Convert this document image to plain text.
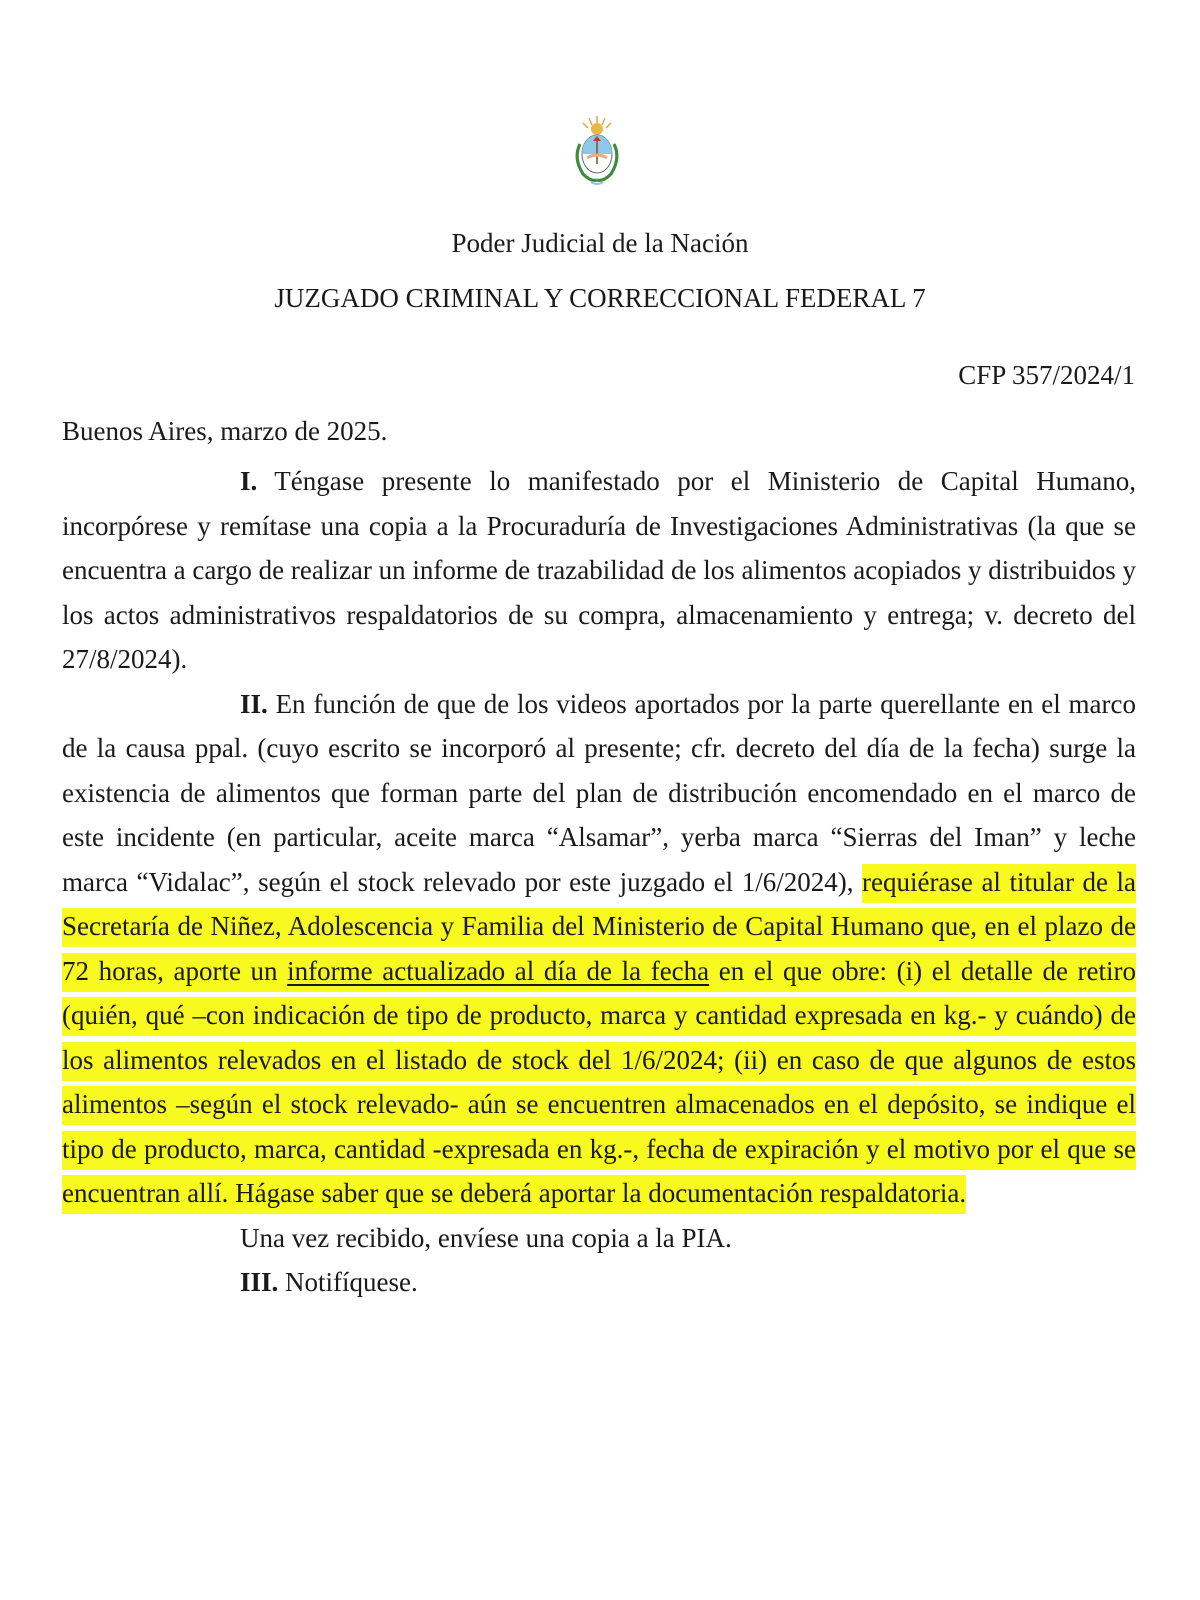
Poder Judicial de la Nación
JUZGADO CRIMINAL Y CORRECCIONAL FEDERAL 7
CFP 357/2024/1
Buenos Aires, marzo de 2025.

I. Téngase presente lo manifestado por el Ministerio de Capital Humano, incorpórese y remítase una copia a la Procuraduría de Investigaciones Administrativas (la que se encuentra a cargo de realizar un informe de trazabilidad de los alimentos acopiados y distribuidos y los actos administrativos respaldatorios de su compra, almacenamiento y entrega; v. decreto del 27/8/2024).

II. En función de que de los videos aportados por la parte querellante en el marco de la causa ppal. (cuyo escrito se incorporó al presente; cfr. decreto del día de la fecha) surge la existencia de alimentos que forman parte del plan de distribución encomendado en el marco de este incidente (en particular, aceite marca “Alsamar”, yerba marca “Sierras del Iman” y leche marca “Vidalac”, según el stock relevado por este juzgado el 1/6/2024), requiérase al titular de la Secretaría de Niñez, Adolescencia y Familia del Ministerio de Capital Humano que, en el plazo de 72 horas, aporte un informe actualizado al día de la fecha en el que obre: (i) el detalle de retiro (quién, qué –con indicación de tipo de producto, marca y cantidad expresada en kg.- y cuándo) de los alimentos relevados en el listado de stock del 1/6/2024; (ii) en caso de que algunos de estos alimentos –según el stock relevado- aún se encuentren almacenados en el depósito, se indique el tipo de producto, marca, cantidad -expresada en kg.-, fecha de expiración y el motivo por el que se encuentran allí. Hágase saber que se deberá aportar la documentación respaldatoria.

Una vez recibido, envíese una copia a la PIA.

III. Notifíquese.
